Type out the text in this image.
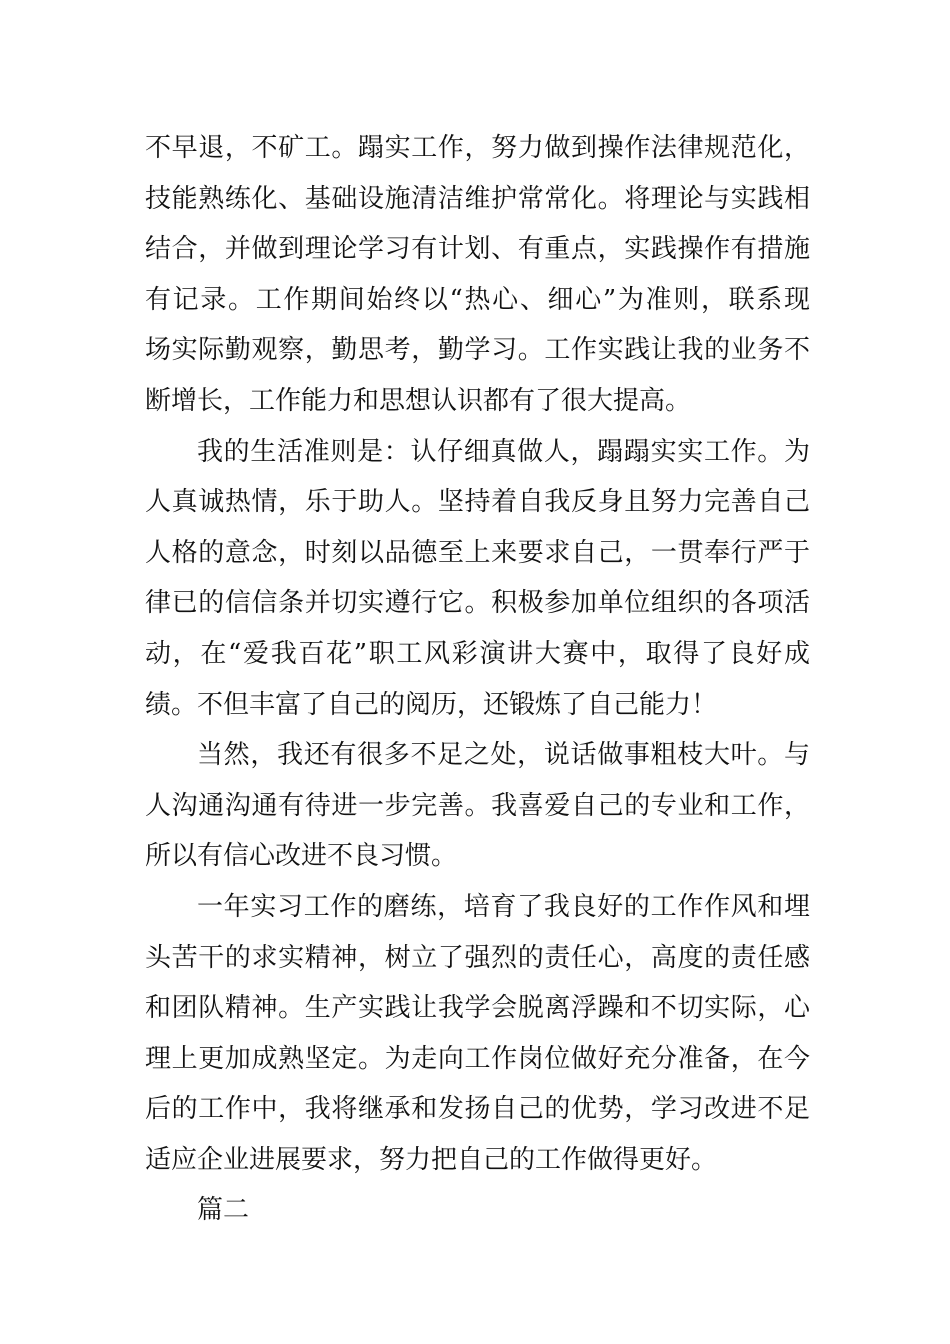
不早退，不矿工。蹋实工作，努力做到操作法律规范化，
技能熟练化、基础设施清洁维护常常化。将理论与实践相
结合，并做到理论学习有计划、有重点，实践操作有措施
有记录。工作期间始终以“热心、细心”为准则，联系现
场实际勤观察，勤思考，勤学习。工作实践让我的业务不
断增长，工作能力和思想认识都有了很大提高。
我的生活准则是：认仔细真做人，蹋蹋实实工作。为
人真诚热情，乐于助人。坚持着自我反身且努力完善自己
人格的意念，时刻以品德至上来要求自己，一贯奉行严于
律已的信信条并切实遵行它。积极参加单位组织的各项活
动，在“爱我百花”职工风彩演讲大赛中，取得了良好成
绩。不但丰富了自己的阅历，还锻炼了自己能力！
当然，我还有很多不足之处，说话做事粗枝大叶。与
人沟通沟通有待进一步完善。我喜爱自己的专业和工作，
所以有信心改进不良习惯。
一年实习工作的磨练，培育了我良好的工作作风和埋
头苦干的求实精神，树立了强烈的责任心，高度的责任感
和团队精神。生产实践让我学会脱离浮躁和不切实际，心
理上更加成熟坚定。为走向工作岗位做好充分准备，在今
后的工作中，我将继承和发扬自己的优势，学习改进不足
适应企业进展要求，努力把自己的工作做得更好。
篇二
